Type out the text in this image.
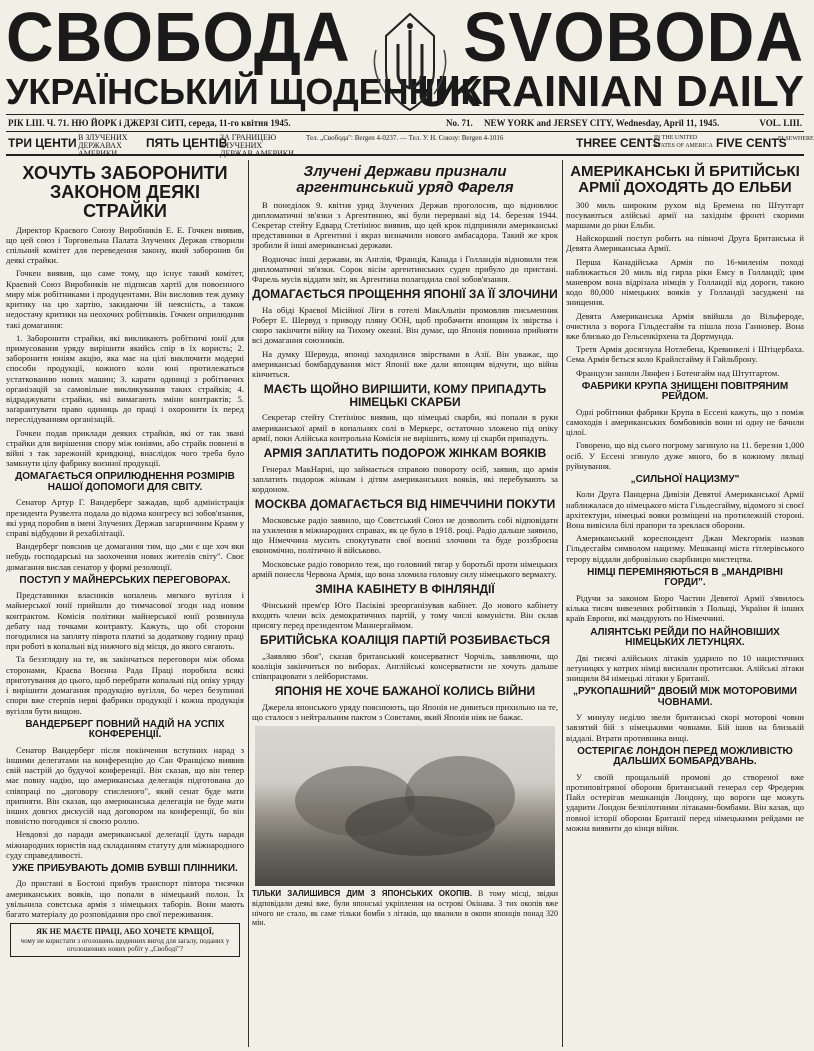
СВОБОДА SVOBODA
УКРАЇНСЬКИЙ ЩОДЕННИК
UKRAINIAN DAILY
РІК LIII. Ч. 71. НЮ ЙОРК і ДЖЕРЗІ СИТІ, середа, 11-го квітня 1945.	No. 71. NEW YORK and JERSEY CITY, Wednesday, April 11, 1945.	VOL. LIII.
ТРИ ЦЕНТИ В ЗЛУЧЕНИХ ДЕРЖАВАХ АМЕРИКИ
ПЯТЬ ЦЕНТІВ
ЗА ГРАНИЦЕЮ ЗЛУЧЕНИХ ДЕРЖАВ АМЕРИКИ
Тел. „Свобода": Bergen 4-0237. — Тел. У. Н. Союзу: Bergen 4-1016	THREE CENTS
IN THE UNITED STATES OF AMERICA FIVE CENTS
ELSEWHERE
ХОЧУТЬ ЗАБОРОНИТИ ЗАКОНОМ ДЕЯКІ СТРАЙКИ

Директор Краєвого Союзу Виробників Е. Е. Гочкен виявив, що цей союз і Торговельна Палата Злучених Держав створили спільний комітет для переведення закону, який заборонив би деякі страйки.

Гочкен виявив, що саме тому, що існує такий комітет, Краєвий Союз Виробників не підписав хартії для повоєнного миру між робітниками і продуцентами. Він висловив теж думку критику на цю хартію, закидаючи їй неясність, а також недостачу критики на неохочих робітників. Гочкен оприлюднив такі домагання:

1. Заборонити страйки, які викликають робітничі юнії для примусовання уряду вирішити якийсь спір в їх користь; 2. заборонити юніям акцію, яка має на цілі виключити модерні способи продукції, кожного коли юні протилежаться устаткованню нових машин; 3. карати одиниці з робітничих організацій за самовільне викликування таких страйків; 4. відраджувати страйки, які вимагають зміни контрактів; 5. заґарантувати право одиниць до праці і охоронити їх перед переслідуванням організацій.

Гочкен подав приклади деяких страйків, які от так звані страйки для вирішення спору між юніями, або страйк повнені в війні з так зарежоній кривдкиці, внаслідок чого треба було замкнути цілу фабрику воєнної продукції.

ДОМАГАЄТЬСЯ ОПРИЛЮДНЕННЯ РОЗМІРІВ НАШОЇ ДОПОМОГИ ДЛЯ СВІТУ.

Сенатор Артур Г. Вандерберг зажадав, щоб адміністрація президента Рузвелта подала до відома конгресу всі зобов'язання, які уряд поробив в імені Злучених Держав загарничним Краям у справі відбудови й рехабілітації.

Вандерберг пояснив це домагання тим, що „ми є ще хоч яки небудь господарські на заохочення нових жителів світу". Своє домагання вислав сенатор у формі резолюції.

ПОСТУП У МАЙНЕРСЬКИХ ПЕРЕГОВОРАХ.

Представники власників копалень мягкого вугілля і майнерської юнії прийшли до тимчасової згоди над новим контрактом. Комісія політики майнерської юнії розвинула дебату над точками контракту. Кажуть, що обі сторони погодилися на запляту піврота платні за додаткову годину праці при роботі в копальні від нижчого від місця, до якого сягають.

Та беззглядну на те, як закінчаться переговори між обома сторонами, Краєва Воєнна Рада Праці поробила всякі приготування до цього, щоб перебрати копальні під опіку уряду і вирішити домагання продукцію вугілля, бо через безупинні спори вже стерпів нерві фабрики продукції і кожна продукція вугілля бути вищою.

ВАНДЕРБЕРГ ПОВНИЙ НАДІЙ НА УСПІХ КОНФЕРЕНЦІЇ.

Сенатор Вандерберг після покінчення вступних нарад з іншими делегатами на конференцію до Сан Франціско виявив свій настрій до будучої конференції. Він сказав, що він тепер має повну надію, що американська делегація підготована до співпраці по „договору стисленого", який сенат буде мати припняти. Він сказав, що американська делегація не буде мати інших довгих дискусій над договором на конференції, бо він повністю погодився зі своєю роллю.

Невдовзі до наради американської делеґації їдуть наради міжнародних юристів над складанням статуту для міжнародного суду справедливості.

УЖЕ ПРИБУВАЮТЬ ДОМІВ БУВШІ ПЛІННИКИ.

До пристані в Бостоні прибув транспорт півтора тисячки американських вояків, що попали в німецький полон. Їх увільнила совєтська армія з німецьких таборів. Вони мають багато матеріалу до розповідання про свої переживання.

ЯК НЕ МАЄТЕ ПРАЦІ, АБО ХОЧЕТЕ КРАЩОЇ,
чому не користати з оголошень щоденних вигод для загалу, поданих у оголошеннях нових робіт у „Свободі"?
Злучені Держави признали аргентинський уряд Фареля

В понеділок 9. квітня уряд Злучених Держав проголосив, що відновлює дипломатичні зв'язки з Аргентиною, які були перервані від 14. березня 1944. Секретар стейту Едвард Стетініюс виявив, що цей крок підприняли американські представники в Аргентині і якраз визначили нового амбасадора. Такий же крок зробили й інші американські держави.

Водночас інші держави, як Англія, Франція, Канада і Голландія відновили теж дипломатичні зв'язки. Сорок вісім аргентинських суден прибуло до пристані. Фарель мусів віддати звіт, як Аргентина полагодила свої зобов'язання.

ДОМАГАЄТЬСЯ ПРОЩЕННЯ ЯПОНІЇ ЗА ЇЇ ЗЛОЧИНИ

На обіді Краєвої Місійної Ліги в готелі МакАльпін промовляв письменник Роберт Е. Шервуд з приводу пляну ООН, щоб пробачити японцям їх звірства і скоро закінчити війну на Тихому океані. Він думає, що Японія повинна прийняти всі домагання союзників.

На думку Шервуда, японці заходилися звірствами в Азії. Він уважає, що американські бомбардування міст Японії вже дали японцям відчути, що війна кінчиться.

МАЄТЬ ЩОЙНО ВИРІШИТИ, КОМУ ПРИПАДУТЬ НІМЕЦЬКІ СКАРБИ

Секретар стейту Стетініюс виявив, що німецькі скарби, які попали в руки американської армії в копальнях солі в Меркерс, остаточно зложено під опіку армії, поки Алійська контрольна Комісія не вирішить, кому ці скарби припадуть.

АРМІЯ ЗАПЛАТИТЬ ПОДОРОЖ ЖІНКАМ ВОЯКІВ

Генерал МакНарні, що займається справою повороту осіб, заявив, що армія заплатить подорож жінкам і дітям американських вояків, які перебувають за кордоном.

МОСКВА ДОМАГАЄТЬСЯ ВІД НІМЕЧЧИНИ ПОКУТИ

Московське радіо заявило, що Совєтський Союз не дозволить собі відповідати на ухилення в міжнародних справах, як це було в 1918. році. Радіо дальше заявило, що Німеччина мусить спокутувати свої воєнні злочини та буде роззброєна економічно, політично й військово.

Московське радіо говорило теж, що головний тягар у боротьбі проти німецьких армій понесла Червона Армія, що вона зломила головну силу німецького вермахту.

ЗМІНА КАБІНЕТУ В ФІНЛЯНДІЇ

Фінський прем'єр Юго Пасіківі зреорганізував кабінет. До нового кабінету входять члени всіх демократичних партій, у тому числі комуністи. Він склав присягу перед президентом Маннергаймом.

БРИТІЙСЬКА КОАЛІЦІЯ ПАРТІЙ РОЗБИВАЄТЬСЯ

„Заявляю збоя", сказав британський консерватист Чорчіль, заявляючи, що коаліція закінчиться по виборах. Англійські консерватисти не хочуть дальше співпрацювати з лейбористами.

ЯПОНІЯ НЕ ХОЧЕ БАЖАНОЇ КОЛИСЬ ВІЙНИ

Джерела японського уряду пояснюють, що Японія не дивиться прихильно на те, що сталося з нейтральним пактом з Совєтами, який Японія ніяк не бажає.

ТІЛЬКИ ЗАЛИШИВСЯ ДИМ З ЯПОНСЬКИХ ОКОПІВ. В тому місці, звідки відповідали деякі вже, були японські укріплення на острові Окінава. З тих окопів вже нічого не стало, як саме тільки бомби з літаків, що ввалили в окопи японців понад 320 мін.
АМЕРИКАНСЬКІ Й БРИТІЙСЬКІ АРМІЇ ДОХОДЯТЬ ДО ЕЛЬБИ

300 миль широким рухом від Бремена по Штутгарт посуваються алійські армії на західнім фронті скорими маршами до ріки Ельби.

Найскорший поступ робить на півночі Друга Британська й Девята Американська Армії.

Перша Канадійська Армія по 16-миленім поході наближається 20 миль від гирла ріки Емсу в Голландії; цим маневром вона відрізала німців у Голландії від дороги, такою кодо 80,000 німецьких вояків у Голландії засуджені на знищення.

Девята Американська Армія ввійшла до Вільфероде, очистила з ворога Гільдесгайм та пішла поза Ганновер. Вона вже близько до Гельсенкірхена та Дортмунда.

Третя Армія досягнула Нотлебена, Кревинкелі і Штіцербаха. Сема Армія бється коло Крайлсгайму й Гайльброну.

Французи заняли Лянфен і Ботенгайм над Штутгартом.

ФАБРИКИ КРУПА ЗНИЩЕНІ ПОВІТРЯНИМ РЕЙДОМ.

Одні робітники фабрики Крупа в Ессені кажуть, що з поміж самоходів і американських бомбовиків вони ні одну не бачили цілої.

Говорено, що від сього погрому загинуло на 11. березня 1,000 осіб. У Ессені згинуло дуже много, бо в кожному ляльці руйнування.

„СИЛЬНОЇ НАЦИЗМУ"

Коли Друга Панцерна Дивізія Девятої Американської Армії наближалася до німецького міста Гільдесгайму, відомого зі своєї архітектури, німецькі вояки розміщені на протилежній стороні. Вона вивісила білі прапори та зреклася оборони.

Американський кореспондент Джан Мекгормік назвав Гільдесгайм символом нацизму. Мешканці міста гітлерівського терору віддали добровільно скарбницю мистецтва.

НІМЦІ ПЕРЕМІНЯЮТЬСЯ В „МАНДРІВНІ ГОРДИ".

Рідучи за законом Бюро Частин Девятої Армії з'явилось кілька тисяч вивезених робітників з Польщі, України й інших країв Европи, які мандрують по Німеччині.

АЛІЯНТСЬКІ РЕЙДИ ПО НАЙНОВІШИХ НІМЕЦЬКИХ ЛЕТУНЦЯХ.

Дві тисячі алійських літаків ударило по 10 нацистичних летуницях у котрих німці висилали протитсаки. Алійські літаки знищили 84 німецькі літаки у Британії.

„РУКОПАШНИЙ" ДВОБІЙ МІЖ МОТОРОВИМИ ЧОВНАМИ.

У минулу неділю звели британські скорі моторові човни завзятий бій з німецькими човнами. Бій ішов на близькій віддалі. Втрати противника вищі.

ОСТЕРІГАЄ ЛОНДОН ПЕРЕД МОЖЛИВІСТЮ ДАЛЬШИХ БОМБАРДУВАНЬ.

У своїй прощальній промові до створеної вже протиповітряної оборони британський генерал сер Фредерик Пайл остерігав мешканців Лондону, що вороги ще можуть ударити Лондон безпілотними літаками-бомбами. Він казав, що повної історії оборони Британії перед німецькими рейдами не можна виявити до кінця війни.
